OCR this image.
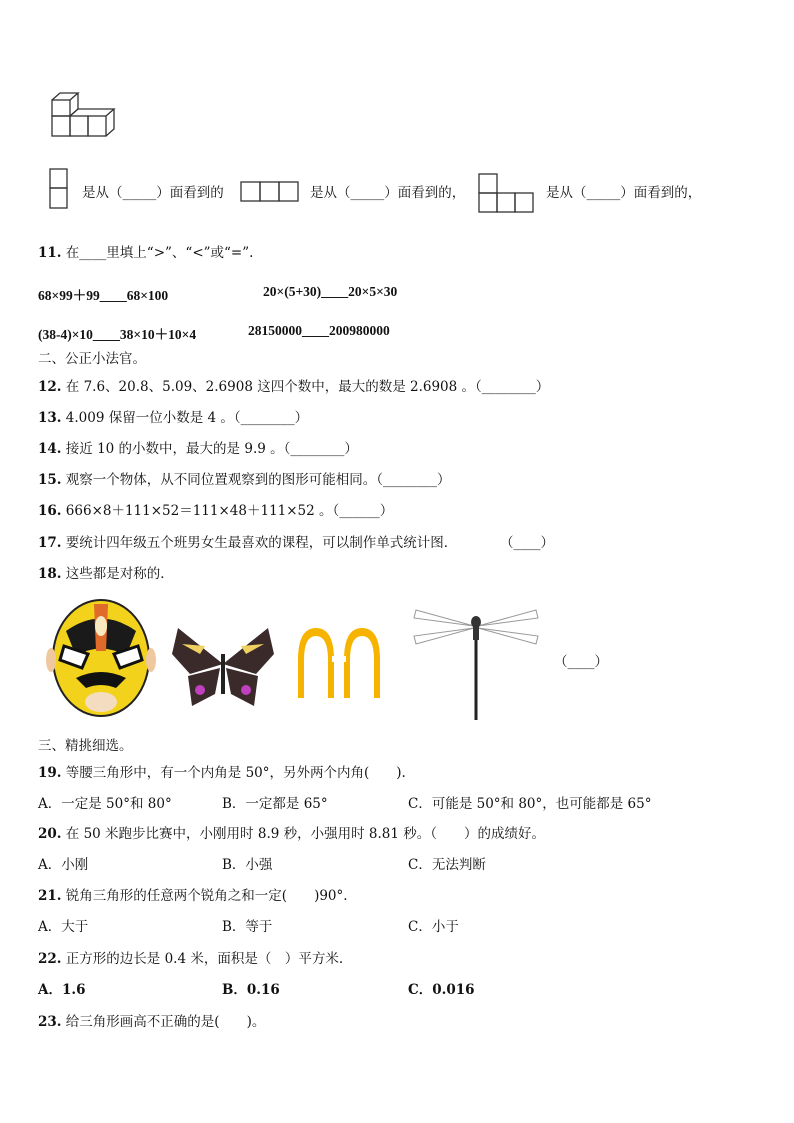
是从（_____）面看到的	是从（_____）面看到的，	是从（_____）面看到的，
11. 在____里填上“>”、“<”或“=”.
68×99＋99____68×100	20×(5+30)____20×5×30
(38-4)×10____38×10＋10×4	28150000____200980000
二、公正小法官。
12. 在 7.6、20.8、5.09、2.6908 这四个数中，最大的数是 2.6908 。（________）
13. 4.009 保留一位小数是 4 。（________）
14. 接近 10 的小数中，最大的是 9.9 。（________）
15. 观察一个物体，从不同位置观察到的图形可能相同。（________）
16. 666×8＋111×52＝111×48＋111×52 。（______）
17. 要统计四年级五个班男女生最喜欢的课程，可以制作单式统计图．	（____）
18. 这些都是对称的．
（____）
三、精挑细选。
19. 等腰三角形中，有一个内角是 50°，另外两个内角(　　).
A．一定是 50°和 80°	B．一定都是 65°	C．可能是 50°和 80°，也可能都是 65°
20. 在 50 米跑步比赛中，小刚用时 8.9 秒，小强用时 8.81 秒。（　　）的成绩好。
A．小刚	B．小强	C．无法判断
21. 锐角三角形的任意两个锐角之和一定(　　)90°.
A．大于	B．等于	C．小于
22. 正方形的边长是 0.4 米，面积是（　）平方米.
A．1.6	B．0.16	C．0.016
23. 给三角形画高不正确的是(　　)。
